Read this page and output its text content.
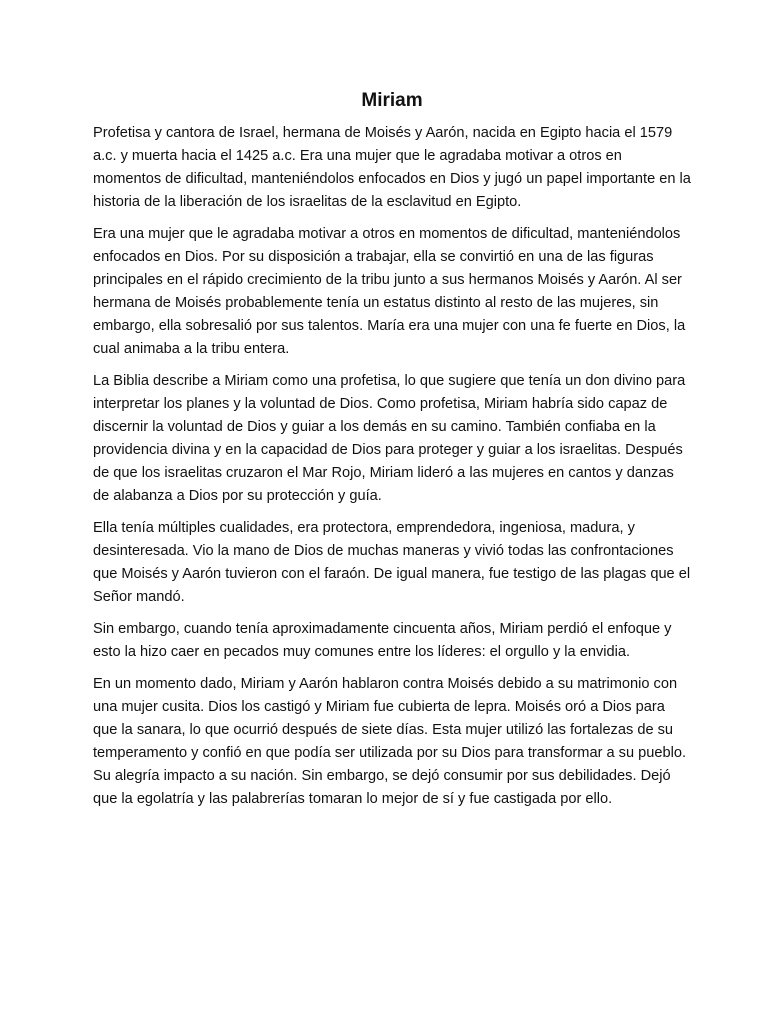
Miriam

Profetisa y cantora de Israel, hermana de Moisés y Aarón, nacida en Egipto hacia el 1579 a.c. y muerta hacia el 1425 a.c. Era una mujer que le agradaba motivar a otros en momentos de dificultad, manteniéndolos enfocados en Dios y jugó un papel importante en la historia de la liberación de los israelitas de la esclavitud en Egipto.

Era una mujer que le agradaba motivar a otros en momentos de dificultad, manteniéndolos enfocados en Dios. Por su disposición a trabajar, ella se convirtió en una de las figuras principales en el rápido crecimiento de la tribu junto a sus hermanos Moisés y Aarón. Al ser hermana de Moisés probablemente tenía un estatus distinto al resto de las mujeres, sin embargo, ella sobresalió por sus talentos. María era una mujer con una fe fuerte en Dios, la cual animaba a la tribu entera.

La Biblia describe a Miriam como una profetisa, lo que sugiere que tenía un don divino para interpretar los planes y la voluntad de Dios. Como profetisa, Miriam habría sido capaz de discernir la voluntad de Dios y guiar a los demás en su camino. También confiaba en la providencia divina y en la capacidad de Dios para proteger y guiar a los israelitas. Después de que los israelitas cruzaron el Mar Rojo, Miriam lideró a las mujeres en cantos y danzas de alabanza a Dios por su protección y guía.

Ella tenía múltiples cualidades, era protectora, emprendedora, ingeniosa, madura, y desinteresada. Vio la mano de Dios de muchas maneras y vivió todas las confrontaciones que Moisés y Aarón tuvieron con el faraón. De igual manera, fue testigo de las plagas que el Señor mandó.

Sin embargo, cuando tenía aproximadamente cincuenta años, Miriam perdió el enfoque y esto la hizo caer en pecados muy comunes entre los líderes: el orgullo y la envidia.

En un momento dado, Miriam y Aarón hablaron contra Moisés debido a su matrimonio con una mujer cusita. Dios los castigó y Miriam fue cubierta de lepra. Moisés oró a Dios para que la sanara, lo que ocurrió después de siete días. Esta mujer utilizó las fortalezas de su temperamento y confió en que podía ser utilizada por su Dios para transformar a su pueblo. Su alegría impacto a su nación. Sin embargo, se dejó consumir por sus debilidades. Dejó que la egolatría y las palabrerías tomaran lo mejor de sí y fue castigada por ello.
